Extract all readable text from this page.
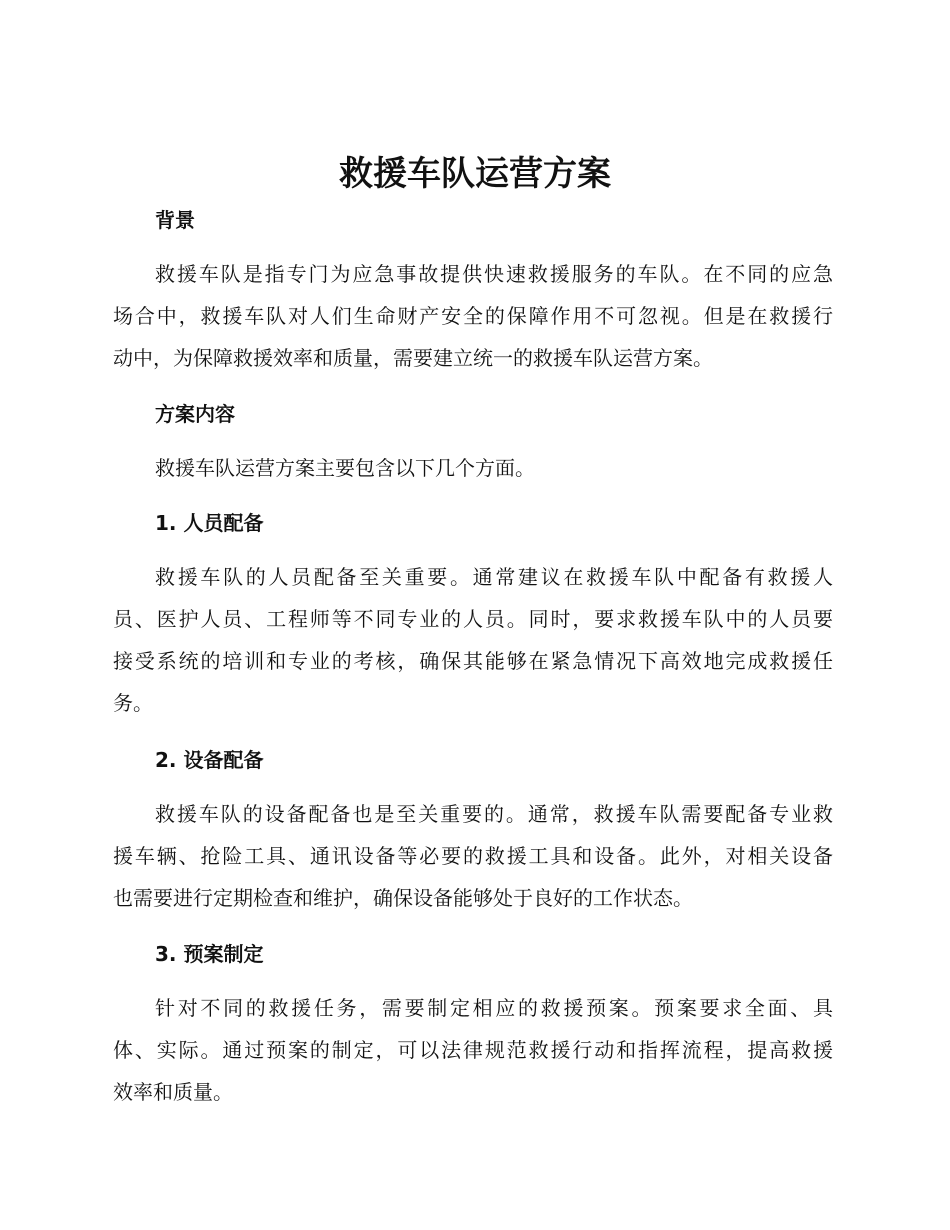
救援车队运营方案
背景
救援车队是指专门为应急事故提供快速救援服务的车队。在不同的应急
场合中，救援车队对人们生命财产安全的保障作用不可忽视。但是在救援行
动中，为保障救援效率和质量，需要建立统一的救援车队运营方案。
方案内容
救援车队运营方案主要包含以下几个方面。
1. 人员配备
救援车队的人员配备至关重要。通常建议在救援车队中配备有救援人
员、医护人员、工程师等不同专业的人员。同时，要求救援车队中的人员要
接受系统的培训和专业的考核，确保其能够在紧急情况下高效地完成救援任
务。
2. 设备配备
救援车队的设备配备也是至关重要的。通常，救援车队需要配备专业救
援车辆、抢险工具、通讯设备等必要的救援工具和设备。此外，对相关设备
也需要进行定期检查和维护，确保设备能够处于良好的工作状态。
3. 预案制定
针对不同的救援任务，需要制定相应的救援预案。预案要求全面、具
体、实际。通过预案的制定，可以法律规范救援行动和指挥流程，提高救援
效率和质量。
